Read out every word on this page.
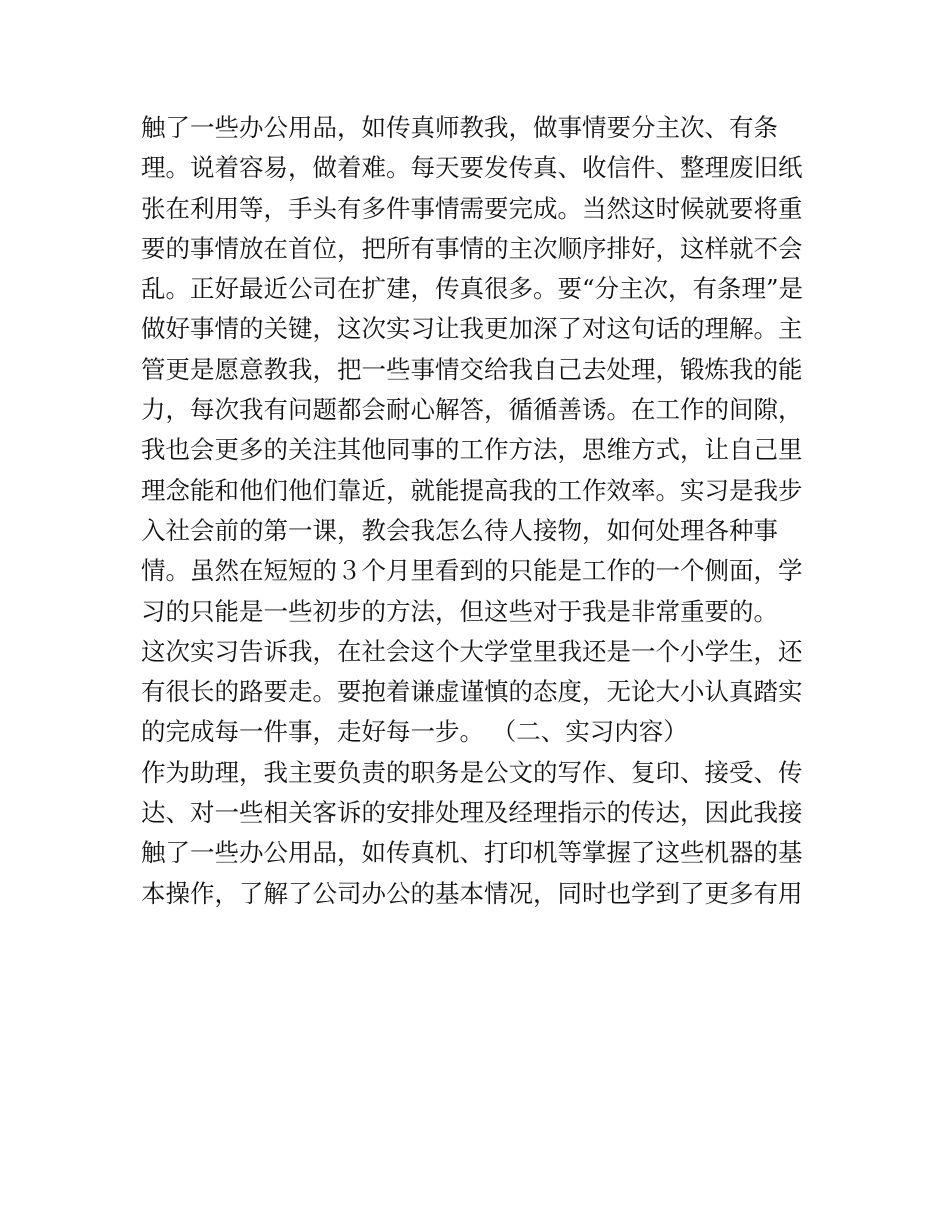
触了一些办公用品，如传真师教我，做事情要分主次、有条
理。说着容易，做着难。每天要发传真、收信件、整理废旧纸
张在利用等，手头有多件事情需要完成。当然这时候就要将重
要的事情放在首位，把所有事情的主次顺序排好，这样就不会
乱。正好最近公司在扩建，传真很多。要“分主次，有条理”是
做好事情的关键，这次实习让我更加深了对这句话的理解。主
管更是愿意教我，把一些事情交给我自己去处理，锻炼我的能
力，每次我有问题都会耐心解答，循循善诱。在工作的间隙，
我也会更多的关注其他同事的工作方法，思维方式，让自己里
理念能和他们他们靠近，就能提高我的工作效率。实习是我步
入社会前的第一课，教会我怎么待人接物，如何处理各种事
情。虽然在短短的３个月里看到的只能是工作的一个侧面，学
习的只能是一些初步的方法，但这些对于我是非常重要的。
这次实习告诉我，在社会这个大学堂里我还是一个小学生，还
有很长的路要走。要抱着谦虚谨慎的态度，无论大小认真踏实
的完成每一件事，走好每一步。 （二、实习内容）
作为助理，我主要负责的职务是公文的写作、复印、接受、传
达、对一些相关客诉的安排处理及经理指示的传达，因此我接
触了一些办公用品，如传真机、打印机等掌握了这些机器的基
本操作，了解了公司办公的基本情况，同时也学到了更多有用
